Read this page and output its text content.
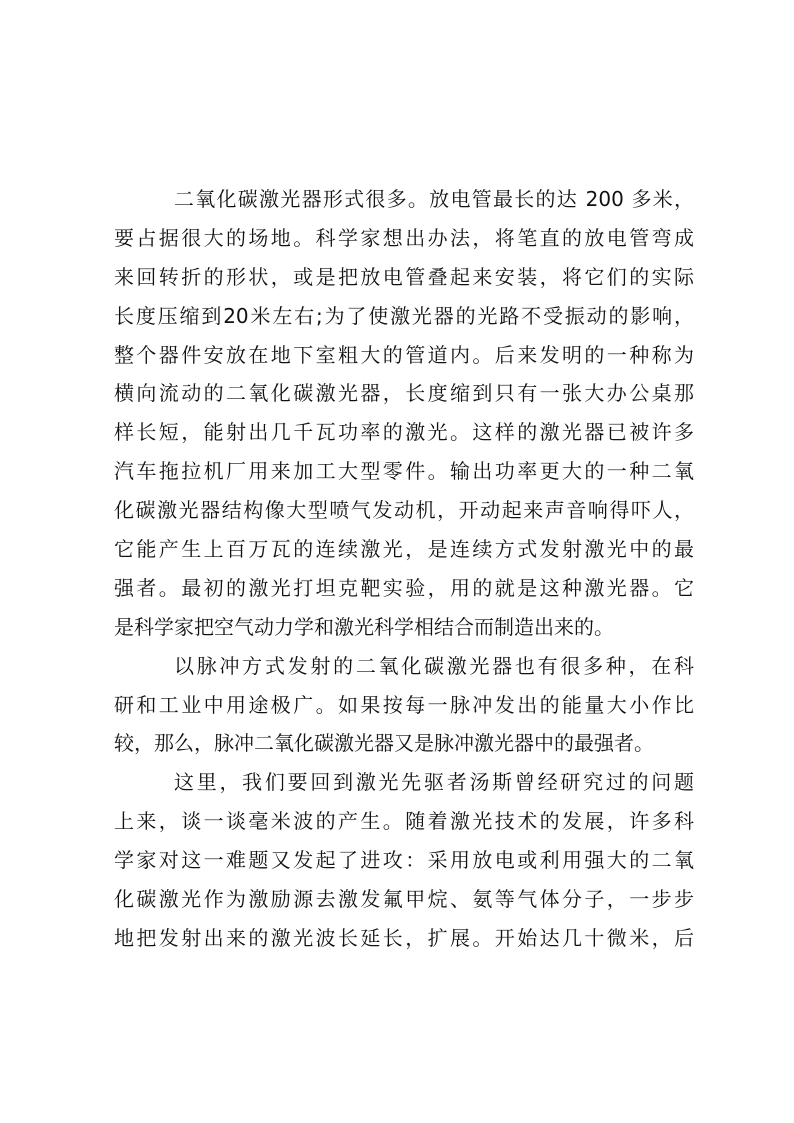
二氧化碳激光器形式很多。放电管最长的达 200 多米，
要占据很大的场地。科学家想出办法，将笔直的放电管弯成
来回转折的形状，或是把放电管叠起来安装，将它们的实际
长度压缩到20米左右;为了使激光器的光路不受振动的影响，
整个器件安放在地下室粗大的管道内。后来发明的一种称为
横向流动的二氧化碳激光器，长度缩到只有一张大办公桌那
样长短，能射出几千瓦功率的激光。这样的激光器已被许多
汽车拖拉机厂用来加工大型零件。输出功率更大的一种二氧
化碳激光器结构像大型喷气发动机，开动起来声音响得吓人，
它能产生上百万瓦的连续激光，是连续方式发射激光中的最
强者。最初的激光打坦克靶实验，用的就是这种激光器。它
是科学家把空气动力学和激光科学相结合而制造出来的。
以脉冲方式发射的二氧化碳激光器也有很多种，在科
研和工业中用途极广。如果按每一脉冲发出的能量大小作比
较，那么，脉冲二氧化碳激光器又是脉冲激光器中的最强者。
这里，我们要回到激光先驱者汤斯曾经研究过的问题
上来，谈一谈毫米波的产生。随着激光技术的发展，许多科
学家对这一难题又发起了进攻：采用放电或利用强大的二氧
化碳激光作为激励源去激发氟甲烷、氨等气体分子，一步步
地把发射出来的激光波长延长，扩展。开始达几十微米，后
